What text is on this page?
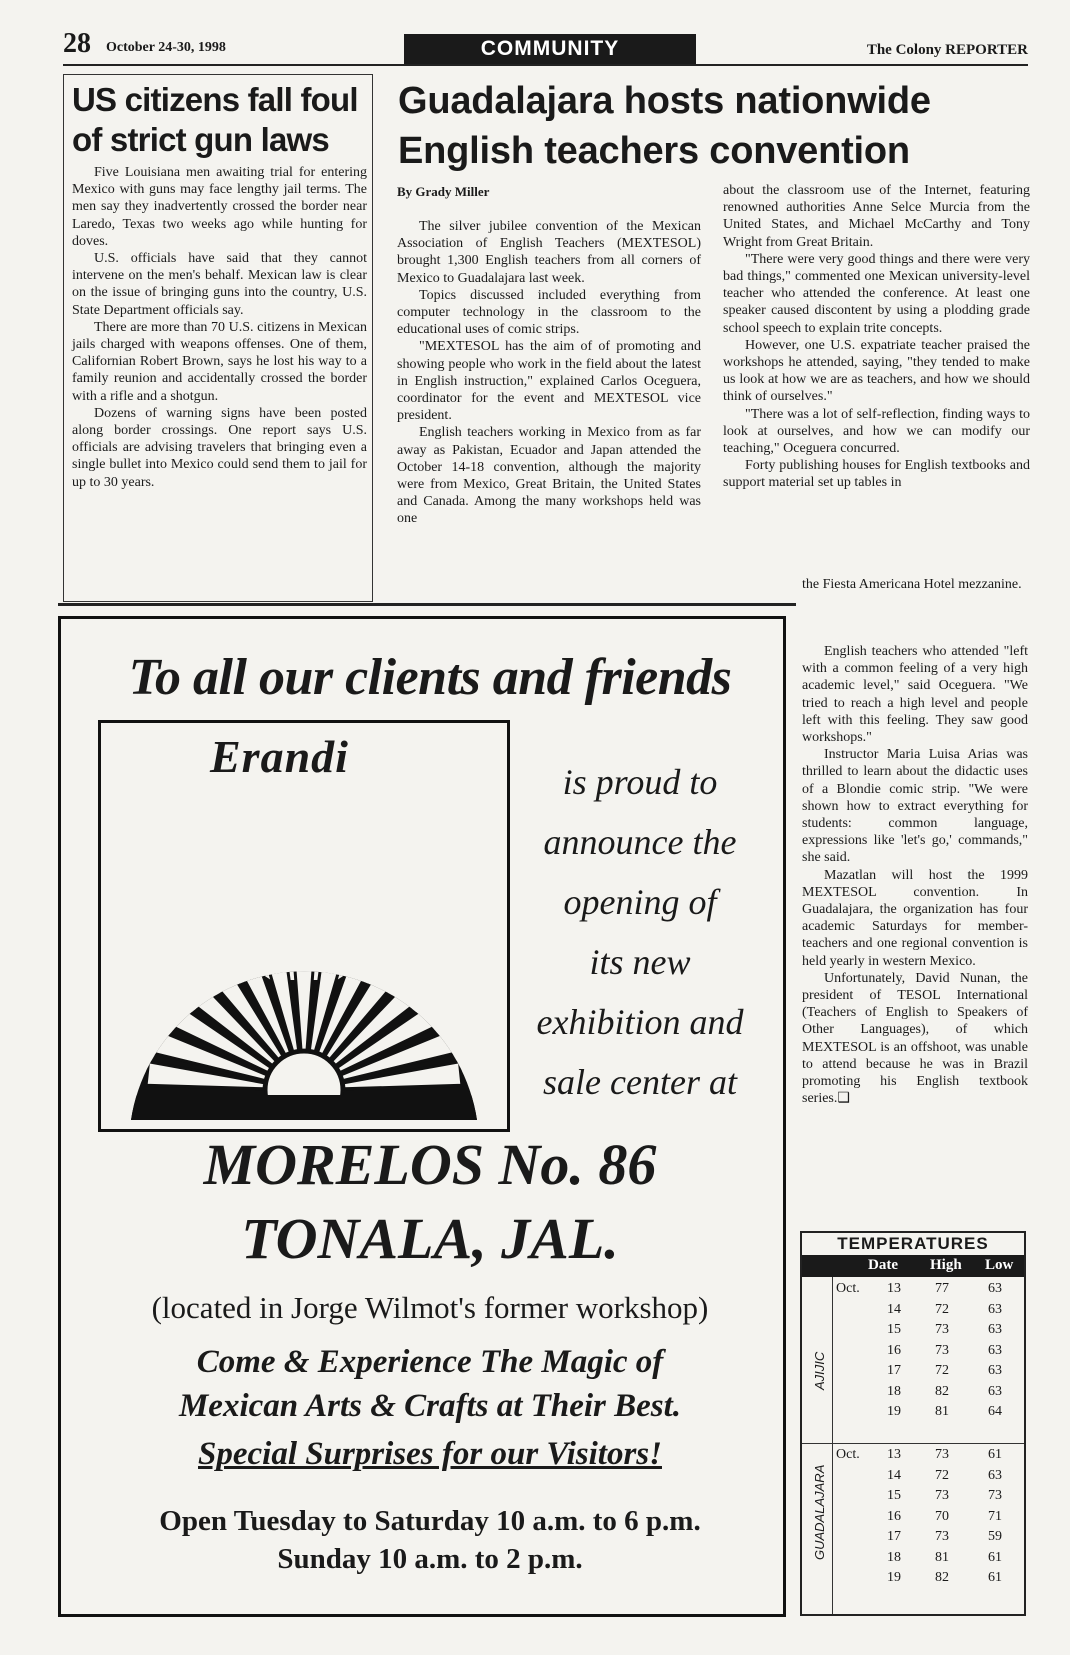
28 October 24-30, 1998	COMMUNITY	The Colony REPORTER
US citizens fall foul
of strict gun laws

Five Louisiana men awaiting trial for entering Mexico with guns may face lengthy jail terms. The men say they inadvertently crossed the border near Laredo, Texas two weeks ago while hunting for doves.

U.S. officials have said that they cannot intervene on the men's behalf. Mexican law is clear on the issue of bringing guns into the country, U.S. State Department officials say.

There are more than 70 U.S. citizens in Mexican jails charged with weapons offenses. One of them, Californian Robert Brown, says he lost his way to a family reunion and accidentally crossed the border with a rifle and a shotgun.

Dozens of warning signs have been posted along border crossings. One report says U.S. officials are advising travelers that bringing even a single bullet into Mexico could send them to jail for up to 30 years.

Guadalajara hosts nationwide
English teachers convention
By Grady Miller

The silver jubilee convention of the Mexican Association of English Teachers (MEXTESOL) brought 1,300 English teachers from all corners of Mexico to Guadalajara last week.

Topics discussed included everything from computer technology in the classroom to the educational uses of comic strips.

"MEXTESOL has the aim of of promoting and showing people who work in the field about the latest in English instruction," explained Carlos Oceguera, coordinator for the event and MEXTESOL vice president.

English teachers working in Mexico from as far away as Pakistan, Ecuador and Japan attended the October 14-18 convention, although the majority were from Mexico, Great Britain, the United States and Canada. Among the many workshops held was one

about the classroom use of the Internet, featuring renowned authorities Anne Selce Murcia from the United States, and Michael McCarthy and Tony Wright from Great Britain.

"There were very good things and there were very bad things," commented one Mexican university-level teacher who attended the conference. At least one speaker caused discontent by using a plodding grade school speech to explain trite concepts.

However, one U.S. expatriate teacher praised the workshops he attended, saying, "they tended to make us look at how we are as teachers, and how we should think of ourselves."

"There was a lot of self-reflection, finding ways to look at ourselves, and how we can modify our teaching," Oceguera concurred.

Forty publishing houses for English textbooks and support material set up tables in

the Fiesta Americana Hotel mezzanine.

English teachers who attended "left with a common feeling of a very high academic level," said Oceguera. "We tried to reach a high level and people left with this feeling. They saw good workshops."

Instructor Maria Luisa Arias was thrilled to learn about the didactic uses of a Blondie comic strip. "We were shown how to extract everything for students: common language, expressions like 'let's go,' commands," she said.

Mazatlan will host the 1999 MEXTESOL convention. In Guadalajara, the organization has four academic Saturdays for member-teachers and one regional convention is held yearly in western Mexico.

Unfortunately, David Nunan, the president of TESOL International (Teachers of English to Speakers of Other Languages), of which MEXTESOL is an offshoot, was unable to attend because he was in Brazil promoting his English textbook series.❑

To all our clients and friends
Erandi	is proud to
announce the
opening of
its new
exhibition and
sale center at
MORELOS No. 86
TONALA, JAL.
(located in Jorge Wilmot's former workshop)
Come & Experience The Magic of
Mexican Arts & Crafts at Their Best.
Special Surprises for our Visitors!
Open Tuesday to Saturday 10 a.m. to 6 p.m.
Sunday 10 a.m. to 2 p.m.
TEMPERATURES
Date High Low
AJIJIC
GUADALAJARA
Oct. 13 77	63
14 72	63
15 73	63
16 73	63
17 72	63
18 82	63
19 81	64
Oct. 13 73	61
14 72	63
15 73	73
16 70	71
17 73	59
18 81	61
19 82	61
